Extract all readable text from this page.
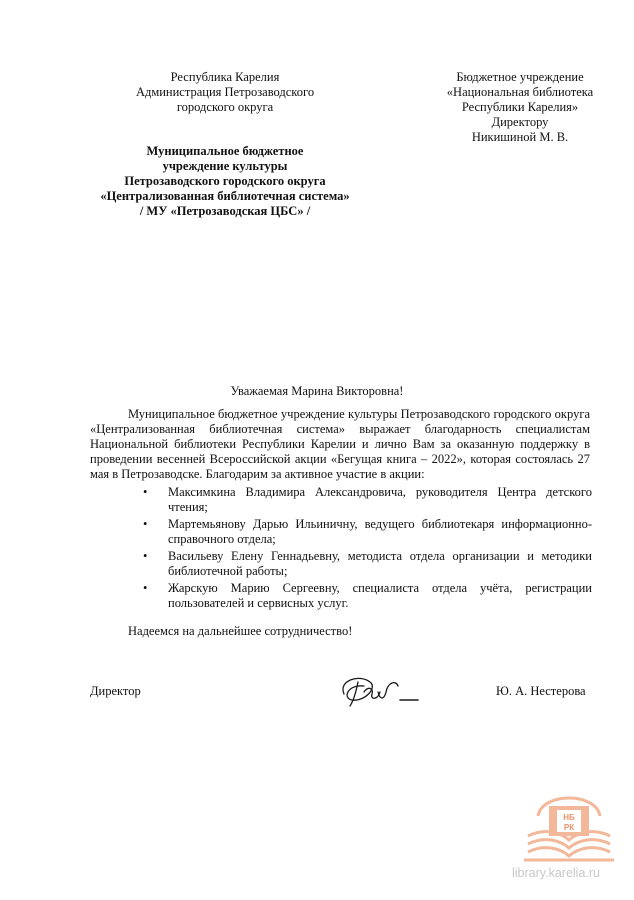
Республика Карелия
Администрация Петрозаводского
городского округа
Муниципальное бюджетное
учреждение культуры
Петрозаводского городского округа
«Централизованная библиотечная система»
/ МУ «Петрозаводская ЦБС» /
Бюджетное учреждение
«Национальная библиотека
Республики Карелия»
Директору
Никишиной М. В.
Уважаемая Марина Викторовна!
Муниципальное бюджетное учреждение культуры Петрозаводского городского округа «Централизованная библиотечная система» выражает благодарность специалистам Национальной библиотеки Республики Карелии и лично Вам за оказанную поддержку в проведении весенней Всероссийской акции «Бегущая книга – 2022», которая состоялась 27 мая в Петрозаводске. Благодарим за активное участие в акции:
• Максимкина Владимира Александровича, руководителя Центра детского чтения;
• Мартемьянову Дарью Ильиничну, ведущего библиотекаря информационно-справочного отдела;
• Васильеву Елену Геннадьевну, методиста отдела организации и методики библиотечной работы;
• Жарскую Марию Сергеевну, специалиста отдела учёта, регистрации пользователей и сервисных услуг.
Надеемся на дальнейшее сотрудничество!
Директор	Ю. А. Нестерова
НБ
РК
library.karelia.ru
